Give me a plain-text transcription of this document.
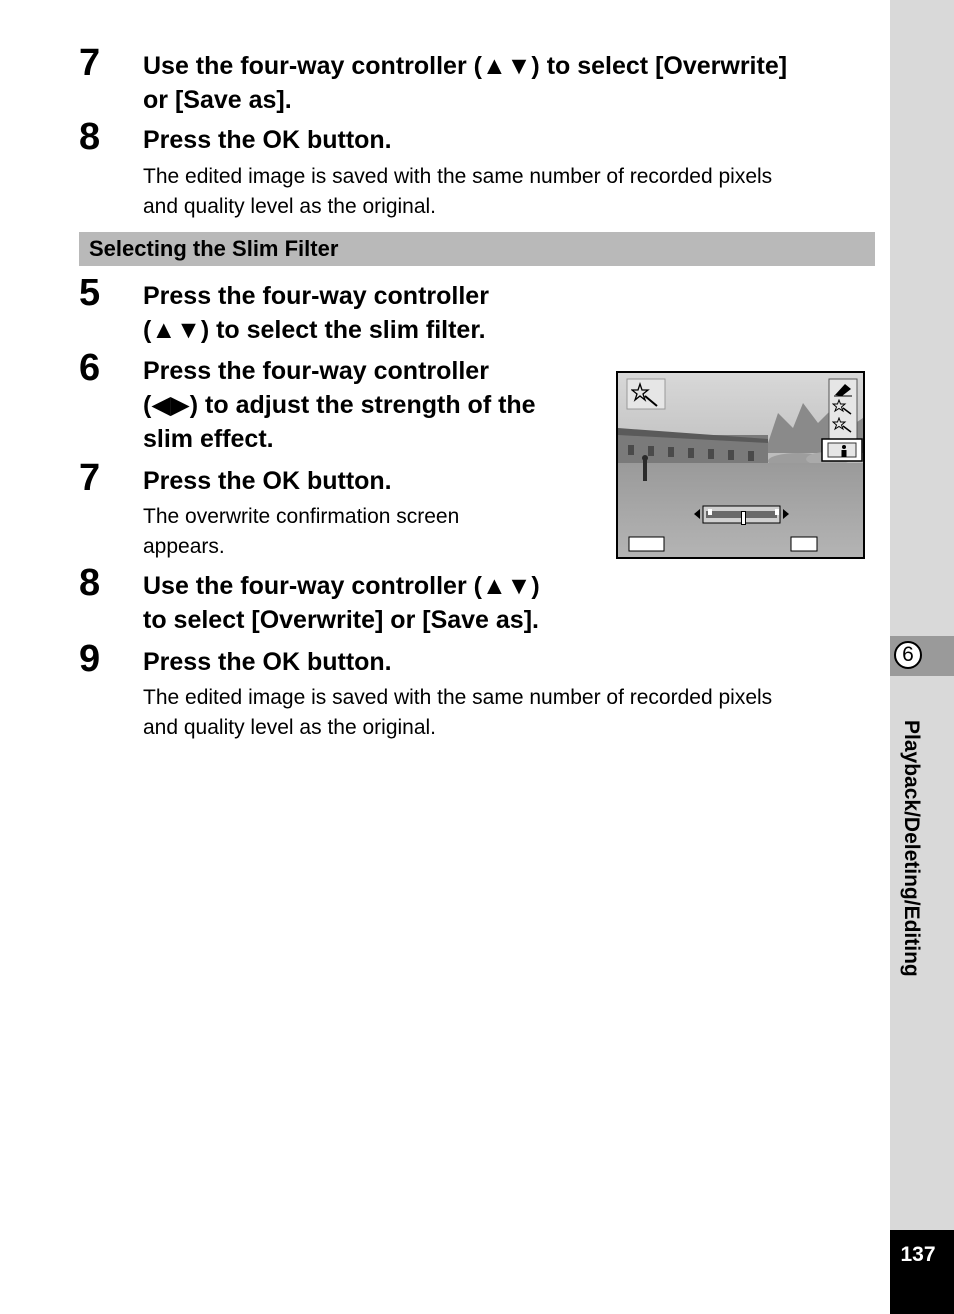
7 Use the four-way controller (▲▼) to select [Overwrite]
or [Save as].

8 Press the OK button.

The edited image is saved with the same number of recorded pixels
and quality level as the original.

Selecting the Slim Filter
5 Press the four-way controller
(▲▼) to select the slim filter.

6 Press the four-way controller
(◀▶) to adjust the strength of the
slim effect.

7 Press the OK button.

The overwrite confirmation screen
appears.

8 Use the four-way controller (▲▼)
to select [Overwrite] or [Save as].

9 Press the OK button.

The edited image is saved with the same number of recorded pixels
and quality level as the original.

6
Playback/Deleting/Editing
137
